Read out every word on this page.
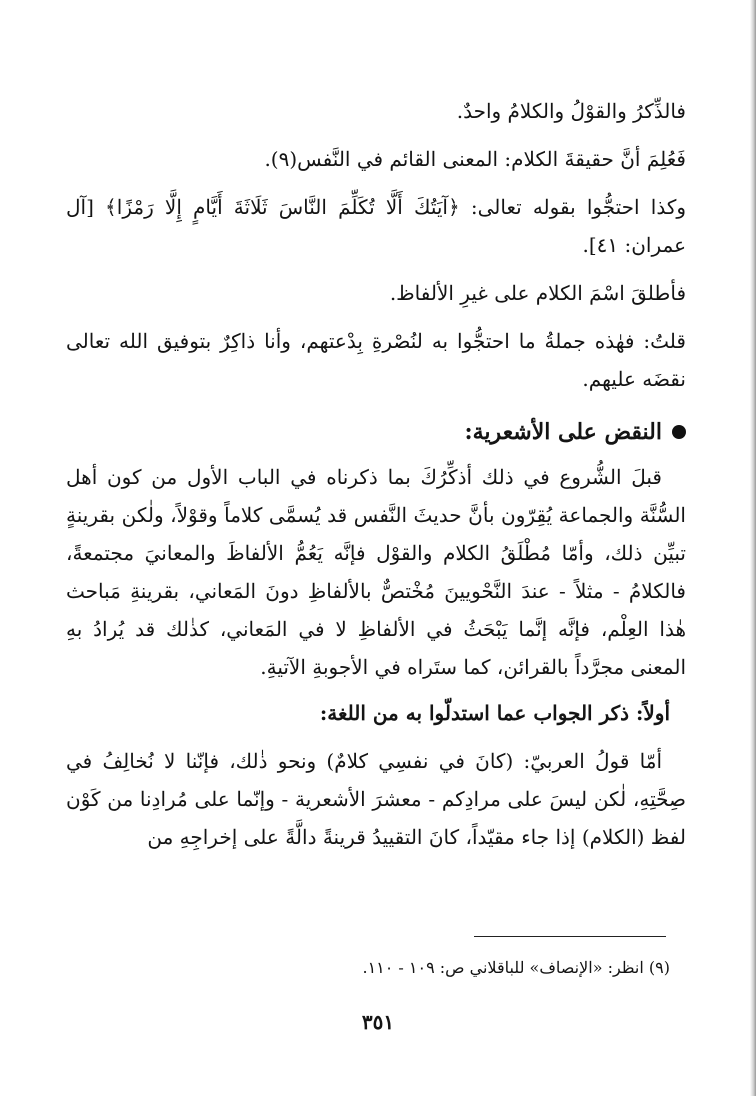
فالذِّكرُ والقوْلُ والكلامُ واحدٌ.

فَعُلِمَ أنَّ حقيقةَ الكلام: المعنى القائم في النَّفس(٩).

وكذا احتجُّوا بقوله تعالى: ﴿آيَتُكَ أَلَّا تُكَلِّمَ النَّاسَ ثَلَاثَةَ أَيَّامٍ إِلَّا رَمْزًا﴾ [آل عمران: ٤١].

فأطلقَ اسْمَ الكلام على غيرِ الألفاظ.

قلتُ: فهٰذه جملةُ ما احتجُّوا به لنُصْرةِ بِدْعتهم، وأنا ذاكِرٌ بتوفيق الله تعالى نقضَه عليهم.

النقض على الأشعرية:

قبلَ الشُّروع في ذلك أذكِّرُكَ بما ذكرناه في الباب الأول من كون أهل السُّنَّة والجماعة يُقِرّون بأنَّ حديثَ النَّفس قد يُسمَّى كلاماً وقوْلاً، ولٰكن بقرينةٍ تبيِّن ذلك، وأمّا مُطْلَقُ الكلام والقوْل فإنَّه يَعُمُّ الألفاظَ والمعانيَ مجتمعةً، فالكلامُ - مثلاً - عندَ النَّحْويينَ مُخْتصٌّ بالألفاظِ دونَ المَعاني، بقرينةِ مَباحث هٰذا العِلْم، فإنَّه إنَّما يَبْحَثُ في الألفاظِ لا في المَعاني، كذٰلك قد يُرادُ بهِ المعنى مجرَّداً بالقرائن، كما ستَراه في الأجوبةِ الآتيةِ.

أولاً: ذكر الجواب عما استدلّوا به من اللغة:

أمّا قولُ العربيّ: (كانَ في نفسِي كلامٌ) ونحو ذٰلك، فإنّنا لا نُخالِفُ في صِحَّتِهِ، لٰكن ليسَ على مرادِكم - معشرَ الأشعرية - وإنّما على مُرادِنا من كَوْن لفظ (الكلام) إذا جاء مقيّداً، كانَ التقييدُ قرينةً دالَّةً على إخراجِهِ من

(٩) انظر: «الإنصاف» للباقلاني ص: ١٠٩ - ١١٠.
٣٥١
